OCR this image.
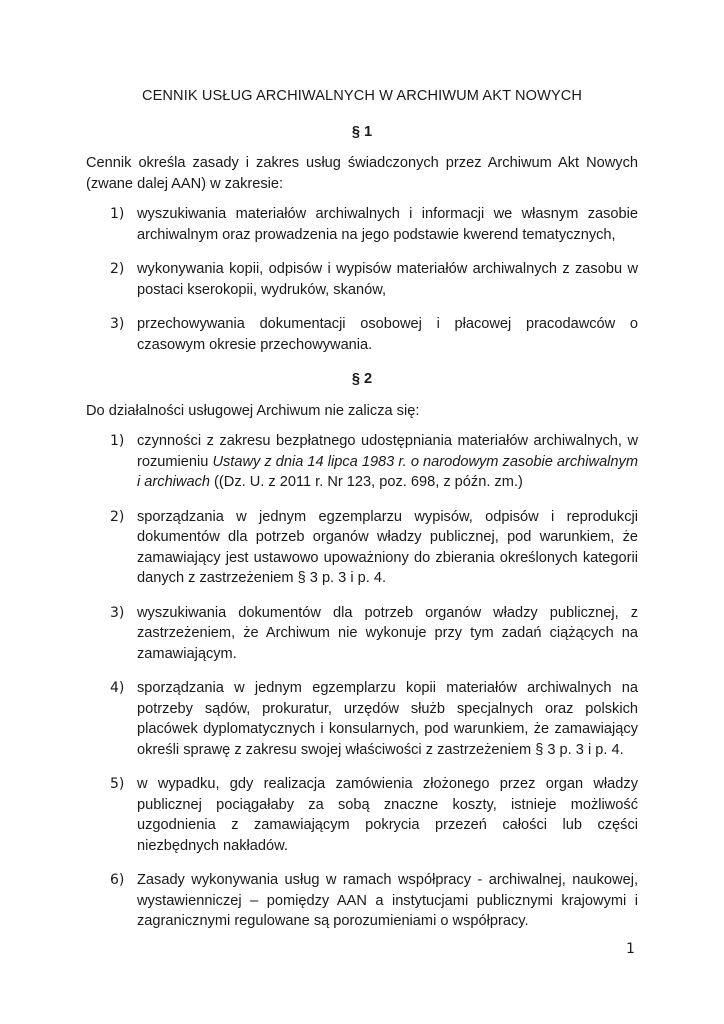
CENNIK USŁUG ARCHIWALNYCH W ARCHIWUM AKT NOWYCH
§ 1

Cennik określa zasady i zakres usług świadczonych przez Archiwum Akt Nowych (zwane dalej AAN) w zakresie:

1) wyszukiwania materiałów archiwalnych i informacji we własnym zasobie archiwalnym oraz prowadzenia na jego podstawie kwerend tematycznych,
2) wykonywania kopii, odpisów i wypisów materiałów archiwalnych z zasobu w postaci kserokopii, wydruków, skanów,
3) przechowywania dokumentacji osobowej i płacowej pracodawców o czasowym okresie przechowywania.
§ 2

Do działalności usługowej Archiwum nie zalicza się:

1) czynności z zakresu bezpłatnego udostępniania materiałów archiwalnych, w rozumieniu Ustawy z dnia 14 lipca 1983 r. o narodowym zasobie archiwalnym i archiwach ((Dz. U. z 2011 r. Nr 123, poz. 698, z późn. zm.)
2) sporządzania w jednym egzemplarzu wypisów, odpisów i reprodukcji dokumentów dla potrzeb organów władzy publicznej, pod warunkiem, że zamawiający jest ustawowo upoważniony do zbierania określonych kategorii danych z zastrzeżeniem § 3 p. 3 i p. 4.
3) wyszukiwania dokumentów dla potrzeb organów władzy publicznej, z zastrzeżeniem, że Archiwum nie wykonuje przy tym zadań ciążących na zamawiającym.
4) sporządzania w jednym egzemplarzu kopii materiałów archiwalnych na potrzeby sądów, prokuratur, urzędów służb specjalnych oraz polskich placówek dyplomatycznych i konsularnych, pod warunkiem, że zamawiający określi sprawę z zakresu swojej właściwości z zastrzeżeniem § 3 p. 3 i p. 4.
5) w wypadku, gdy realizacja zamówienia złożonego przez organ władzy publicznej pociągałaby za sobą znaczne koszty, istnieje możliwość uzgodnienia z zamawiającym pokrycia przezeń całości lub części niezbędnych nakładów.
6) Zasady wykonywania usług w ramach współpracy - archiwalnej, naukowej, wystawienniczej – pomiędzy AAN a instytucjami publicznymi krajowymi i zagranicznymi regulowane są porozumieniami o współpracy.
1
